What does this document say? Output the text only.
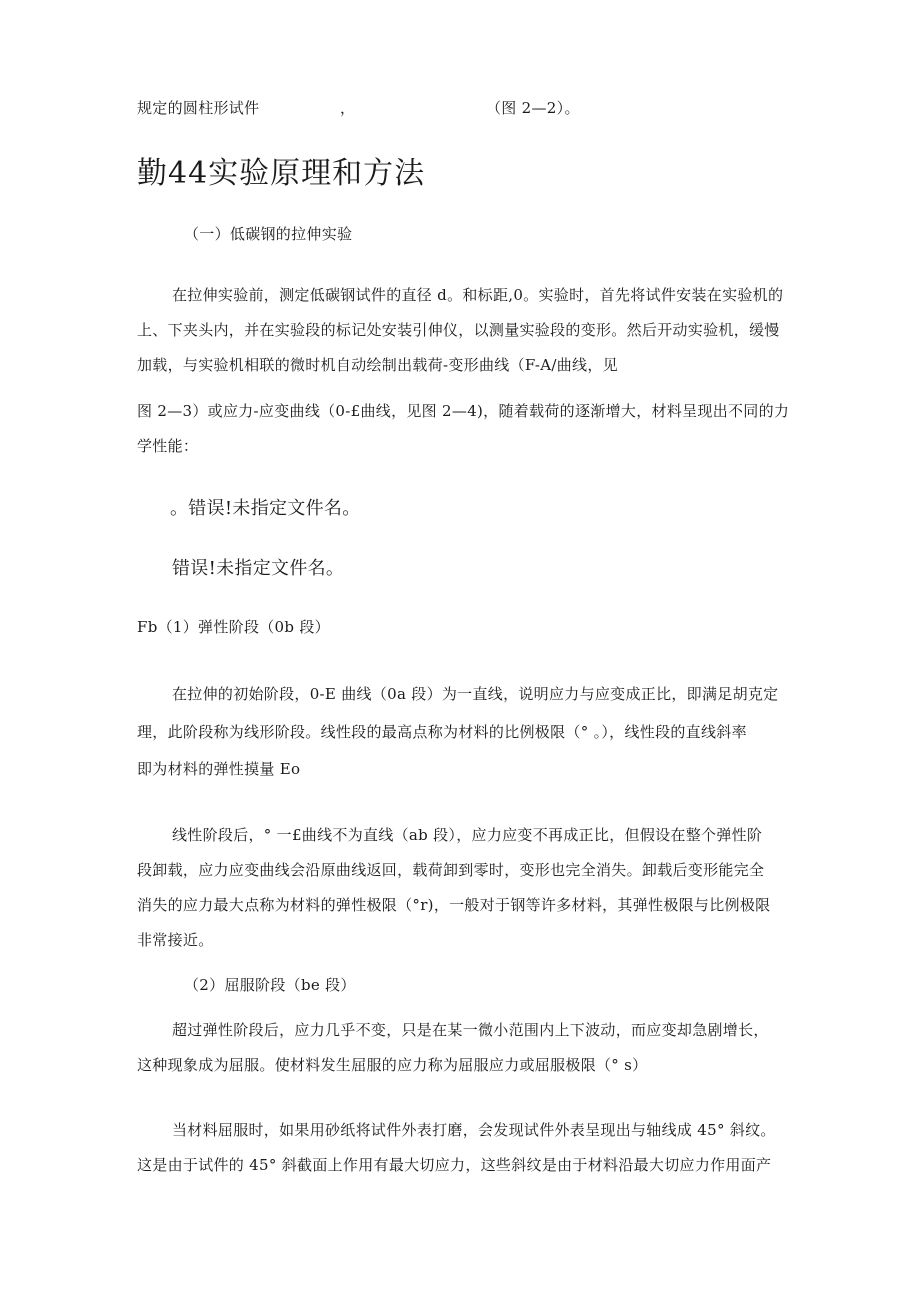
规定的圆柱形试件	，	（图 2—2）。
勤44实验原理和方法
（一）低碳钢的拉伸实验
在拉伸实验前，测定低碳钢试件的直径 d。和标距,0。实验时，首先将试件安装在实验机的
上、下夹头内，并在实验段的标记处安装引伸仪，以测量实验段的变形。然后开动实验机，缓慢
加载，与实验机相联的微时机自动绘制出载荷-变形曲线（F-A/曲线，见
图 2—3）或应力-应变曲线（0-£曲线，见图 2—4)，随着载荷的逐渐增大，材料呈现出不同的力
学性能：
。错误!未指定文件名。
错误!未指定文件名。
Fb（1）弹性阶段（0b 段）
在拉伸的初始阶段，0-E 曲线（0a 段）为一直线，说明应力与应变成正比，即满足胡克定
理，此阶段称为线形阶段。线性段的最高点称为材料的比例极限（° 。），线性段的直线斜率
即为材料的弹性摸量 Eo
线性阶段后，° 一£曲线不为直线（ab 段），应力应变不再成正比，但假设在整个弹性阶
段卸载，应力应变曲线会沿原曲线返回，载荷卸到零时，变形也完全消失。卸载后变形能完全
消失的应力最大点称为材料的弹性极限（°r)，一般对于钢等许多材料，其弹性极限与比例极限
非常接近。
（2）屈服阶段（be 段）
超过弹性阶段后，应力几乎不变，只是在某一微小范围内上下波动，而应变却急剧增长，
这种现象成为屈服。使材料发生屈服的应力称为屈服应力或屈服极限（° s）
当材料屈服时，如果用砂纸将试件外表打磨，会发现试件外表呈现出与轴线成 45° 斜纹。
这是由于试件的 45° 斜截面上作用有最大切应力，这些斜纹是由于材料沿最大切应力作用面产
